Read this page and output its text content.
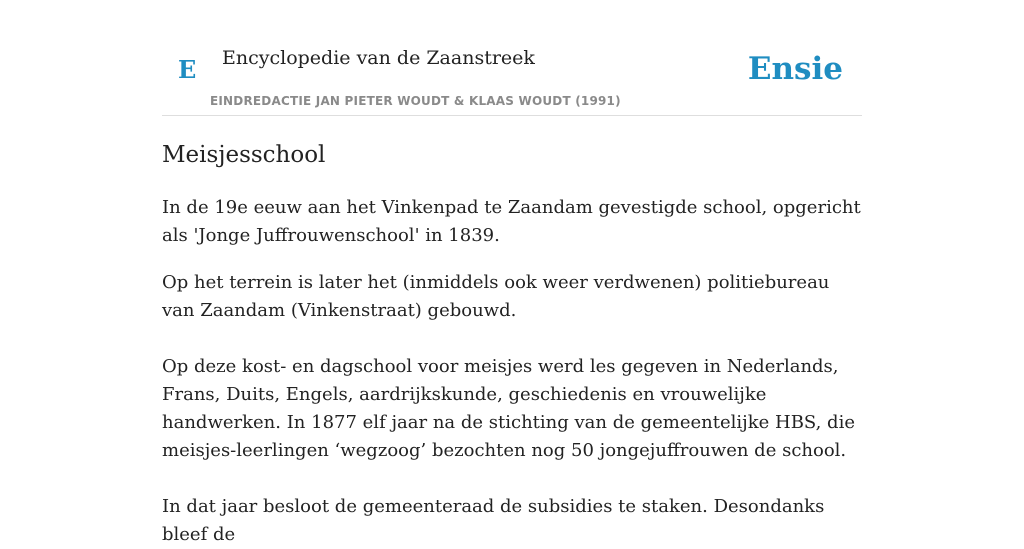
E Encyclopedie van de Zaanstreek
EINDREDACTIE JAN PIETER WOUDT & KLAAS WOUDT (1991)
Ensie
Meisjesschool

In de 19e eeuw aan het Vinkenpad te Zaandam gevestigde school, opgericht als 'Jonge Juffrouwenschool' in 1839.

Op het terrein is later het (inmiddels ook weer verdwenen) politiebureau van Zaandam (Vinkenstraat) gebouwd.

Op deze kost- en dagschool voor meisjes werd les gegeven in Nederlands, Frans, Duits, Engels, aardrijkskunde, geschiedenis en vrouwelijke handwerken. In 1877 elf jaar na de stichting van de gemeentelijke HBS, die meisjes-leerlingen ‘wegzoog’ bezochten nog 50 jongejuffrouwen de school.

In dat jaar besloot de gemeenteraad de subsidies te staken. Desondanks bleef de
